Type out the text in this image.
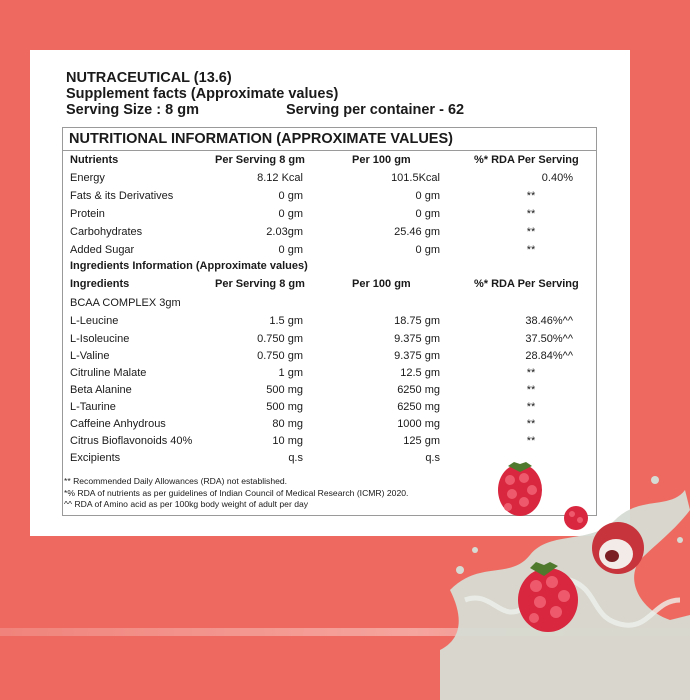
NUTRACEUTICAL (13.6)
Supplement facts (Approximate values)
Serving Size : 8 gm	Serving per container - 62
NUTRITIONAL INFORMATION (APPROXIMATE VALUES)
Nutrients	Per Serving 8 gm	Per 100 gm	%* RDA Per Serving
Energy	8.12 Kcal	101.5Kcal	0.40%
Fats & its Derivatives	0 gm	0 gm	**
Protein	0 gm	0 gm	**
Carbohydrates	2.03gm	25.46 gm	**
Added Sugar	0 gm	0 gm	**
Ingredients Information (Approximate values)
Ingredients	Per Serving 8 gm	Per 100 gm	%* RDA Per Serving
BCAA COMPLEX 3gm
L-Leucine	1.5 gm	18.75 gm	38.46%^^
L-Isoleucine	0.750 gm	9.375 gm	37.50%^^
L-Valine	0.750 gm	9.375 gm	28.84%^^
Citruline Malate	1 gm	12.5 gm	**
Beta Alanine	500 mg	6250 mg	**
L-Taurine	500 mg	6250 mg	**
Caffeine Anhydrous	80 mg	1000 mg	**
Citrus Bioflavonoids 40%	10 mg	125 gm	**
Excipients	q.s	q.s
** Recommended Daily Allowances (RDA) not established.
*% RDA of nutrients as per guidelines of Indian Council of Medical Research (ICMR) 2020.
^^ RDA of Amino acid as per 100kg body weight of adult per day
